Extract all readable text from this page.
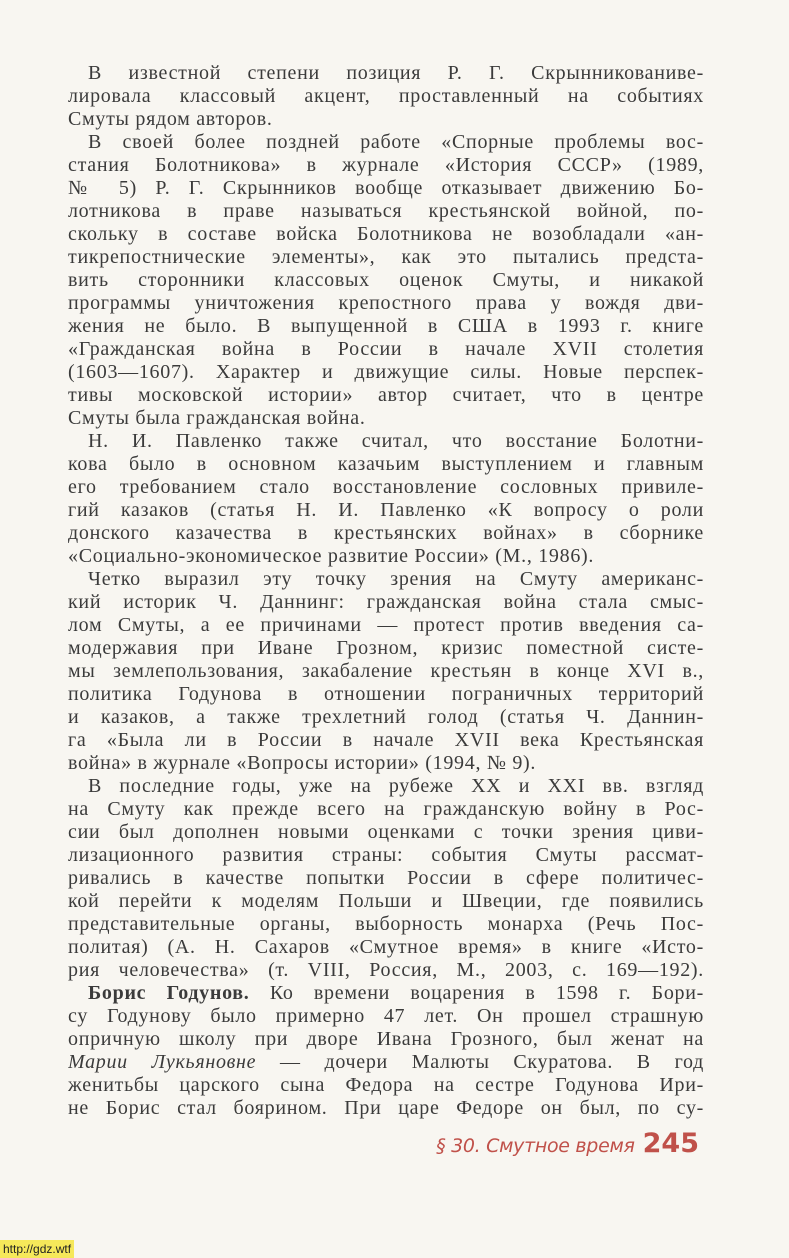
В известной степени позиция Р. Г. Скрынникованиве-
лировала классовый акцент, проставленный на событиях
Смуты рядом авторов.
В своей более поздней работе «Спорные проблемы вос-
стания Болотникова» в журнале «История СССР» (1989,
№ 5) Р. Г. Скрынников вообще отказывает движению Бо-
лотникова в праве называться крестьянской войной, по-
скольку в составе войска Болотникова не возобладали «ан-
тикрепостнические элементы», как это пытались предста-
вить сторонники классовых оценок Смуты, и никакой
программы уничтожения крепостного права у вождя дви-
жения не было. В выпущенной в США в 1993 г. книге
«Гражданская война в России в начале XVII столетия
(1603—1607). Характер и движущие силы. Новые перспек-
тивы московской истории» автор считает, что в центре
Смуты была гражданская война.
Н. И. Павленко также считал, что восстание Болотни-
кова было в основном казачьим выступлением и главным
его требованием стало восстановление сословных привиле-
гий казаков (статья Н. И. Павленко «К вопросу о роли
донского казачества в крестьянских войнах» в сборнике
«Социально-экономическое развитие России» (М., 1986).
Четко выразил эту точку зрения на Смуту американс-
кий историк Ч. Даннинг: гражданская война стала смыс-
лом Смуты, а ее причинами — протест против введения са-
модержавия при Иване Грозном, кризис поместной систе-
мы землепользования, закабаление крестьян в конце XVI в.,
политика Годунова в отношении пограничных территорий
и казаков, а также трехлетний голод (статья Ч. Даннин-
га «Была ли в России в начале XVII века Крестьянская
война» в журнале «Вопросы истории» (1994, № 9).
В последние годы, уже на рубеже XX и XXI вв. взгляд
на Смуту как прежде всего на гражданскую войну в Рос-
сии был дополнен новыми оценками с точки зрения циви-
лизационного развития страны: события Смуты рассмат-
ривались в качестве попытки России в сфере политичес-
кой перейти к моделям Польши и Швеции, где появились
представительные органы, выборность монарха (Речь Пос-
политая) (А. Н. Сахаров «Смутное время» в книге «Исто-
рия человечества» (т. VIII, Россия, М., 2003, с. 169—192).
Борис Годунов. Ко времени воцарения в 1598 г. Бори-
су Годунову было примерно 47 лет. Он прошел страшную
опричную школу при дворе Ивана Грозного, был женат на
Марии Лукьяновне — дочери Малюты Скуратова. В год
женитьбы царского сына Федора на сестре Годунова Ири-
не Борис стал боярином. При царе Федоре он был, по су-
§ 30. Смутное время 245
http://gdz.wtf
